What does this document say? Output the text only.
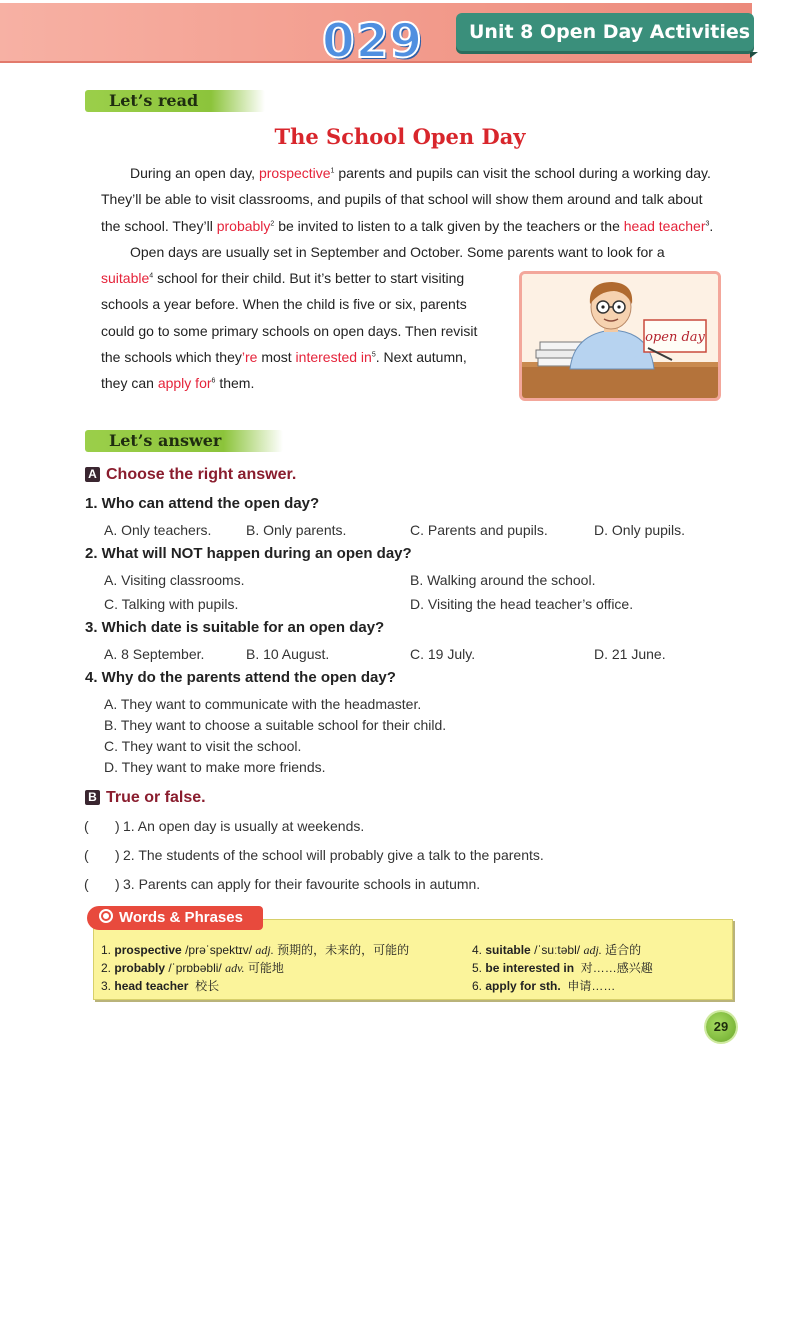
029	Unit 8 Open Day Activities
Let’s read
The School Open Day
During an open day, prospective$^1$ parents and pupils can visit the school during a working day.
They’ll be able to visit classrooms, and pupils of that school will show them around and talk about
the school. They’ll probably$^2$ be invited to listen to a talk given by the teachers or the head teacher$^3$.
Open days are usually set in September and October. Some parents want to look for a
suitable$^4$ school for their child. But it’s better to start visiting
schools a year before. When the child is five or six, parents
could go to some primary schools on open days. Then revisit
the schools which they’re most interested $in^5$. Next autumn,
they can apply for$^6$ them.
open day
Let’s answer
A Choose the right answer.
1. Who can attend the open day?
A. Only teachers. B. Only parents.	C. Parents and pupils.	D. Only pupils.
2. What will NOT happen during an open day?
A. Visiting classrooms.	B. Walking around the school.
C. Talking with pupils.	D. Visiting the head teacher’s office.
3. Which date is suitable for an open day?
A. 8 September.	B. 10 August.	C. 19 July.	D. 21 June.
4. Why do the parents attend the open day?
A. They want to communicate with the headmaster.
B. They want to choose a suitable school for their child.
C. They want to visit the school.
D. They want to make more friends.
B True or false.
( ) 1. An open day is usually at weekends.
( ) 2. The students of the school will probably give a talk to the parents.
( ) 3. Parents can apply for their favourite schools in autumn.
Words & Phrases
1. prospective /prəˈspektɪv/ adj. 预期的，未来的，可能的
2. probably /ˈprɒbəbli/ adv. 可能地
3. head teacher 校长
4. suitable /ˈsuːtəbl/ adj. 适合的
5. be interested in 对……感兴趣
6. apply for sth. 申请……
29
